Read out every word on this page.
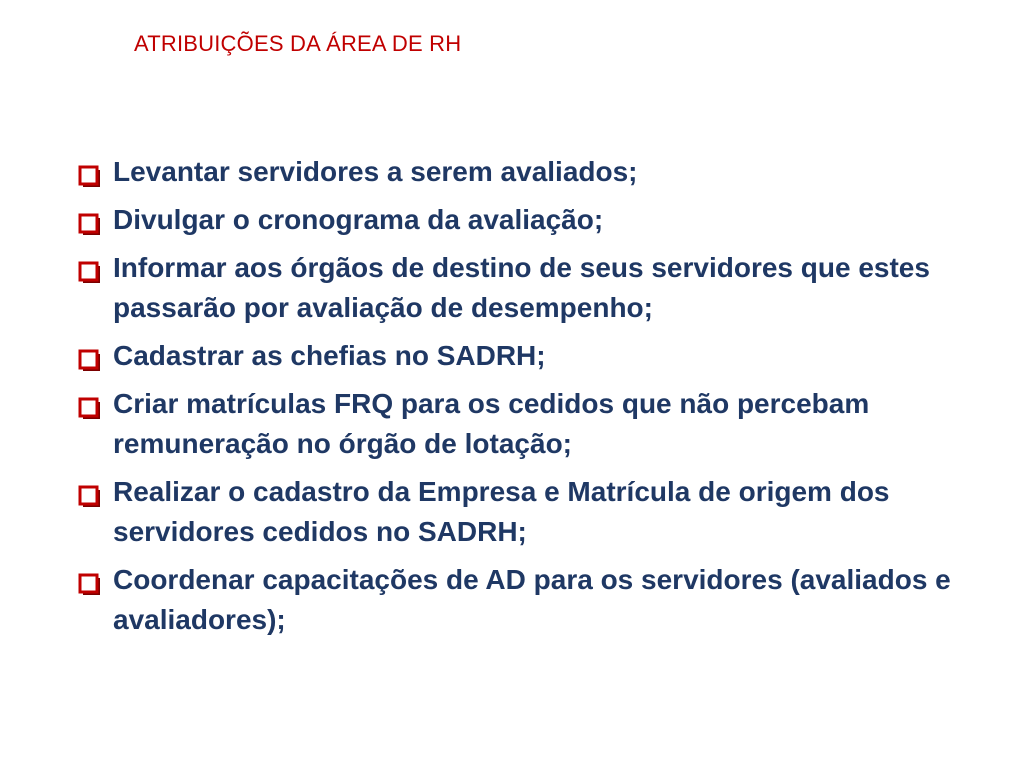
ATRIBUIÇÕES DA ÁREA DE RH
Levantar servidores a serem avaliados;
Divulgar o cronograma da avaliação;
Informar aos órgãos de destino de seus servidores que estes passarão por avaliação de desempenho;
Cadastrar as chefias no SADRH;
Criar matrículas FRQ para os cedidos que não percebam remuneração no órgão de lotação;
Realizar o cadastro da Empresa e Matrícula de origem dos servidores cedidos no SADRH;
Coordenar capacitações de AD para os servidores (avaliados e avaliadores);
